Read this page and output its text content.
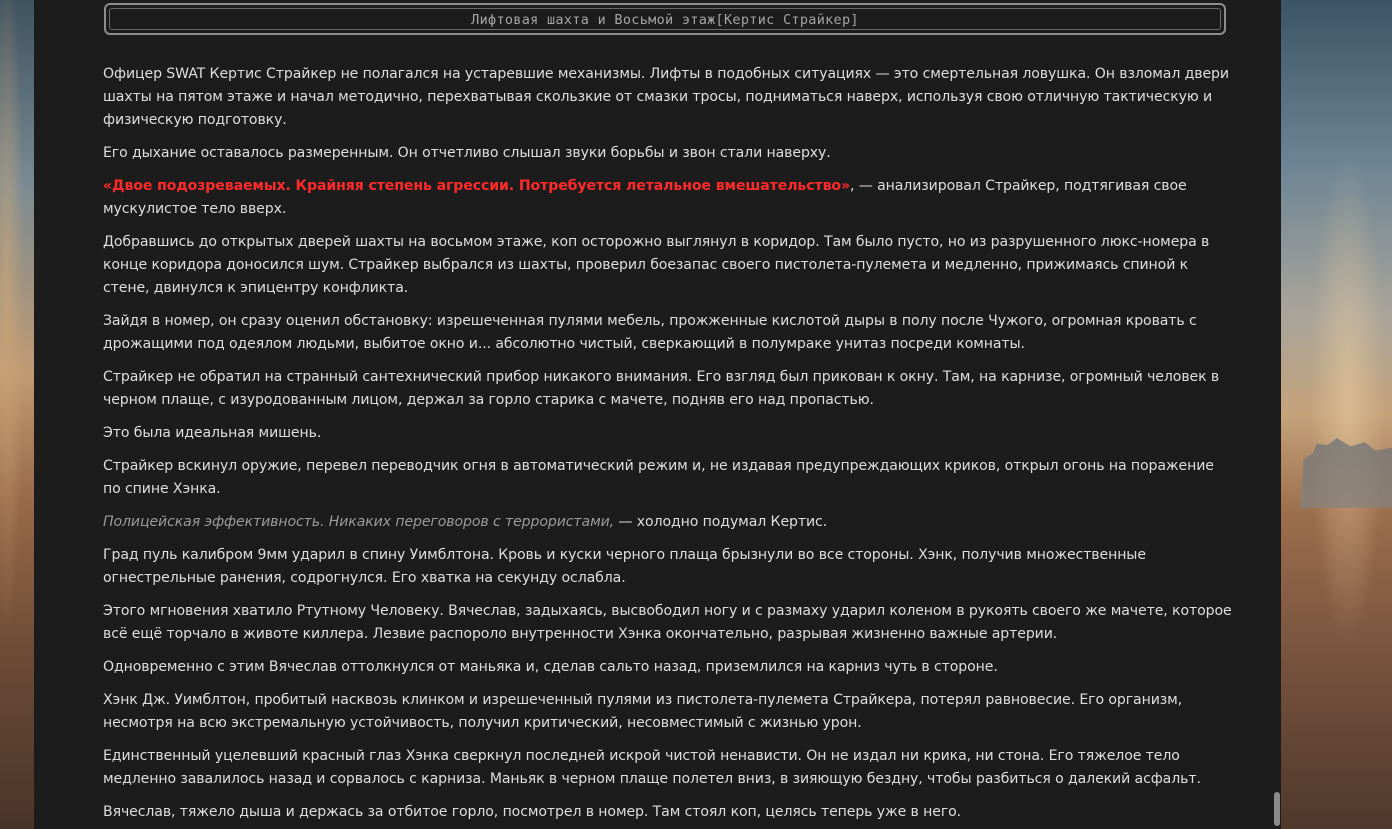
Лифтовая шахта и Восьмой этаж[Кертис Страйкер]

Офицер SWAT Кертис Страйкер не полагался на устаревшие механизмы. Лифты в подобных ситуациях — это смертельная ловушка. Он взломал двери шахты на пятом этаже и начал методично, перехватывая скользкие от смазки тросы, подниматься наверх, используя свою отличную тактическую и физическую подготовку.

Его дыхание оставалось размеренным. Он отчетливо слышал звуки борьбы и звон стали наверху.

«Двое подозреваемых. Крайняя степень агрессии. Потребуется летальное вмешательство», — анализировал Страйкер, подтягивая свое мускулистое тело вверх.

Добравшись до открытых дверей шахты на восьмом этаже, коп осторожно выглянул в коридор. Там было пусто, но из разрушенного люкс-номера в конце коридора доносился шум. Страйкер выбрался из шахты, проверил боезапас своего пистолета-пулемета и медленно, прижимаясь спиной к стене, двинулся к эпицентру конфликта.

Зайдя в номер, он сразу оценил обстановку: изрешеченная пулями мебель, прожженные кислотой дыры в полу после Чужого, огромная кровать с дрожащими под одеялом людьми, выбитое окно и... абсолютно чистый, сверкающий в полумраке унитаз посреди комнаты.

Страйкер не обратил на странный сантехнический прибор никакого внимания. Его взгляд был прикован к окну. Там, на карнизе, огромный человек в черном плаще, с изуродованным лицом, держал за горло старика с мачете, подняв его над пропастью.

Это была идеальная мишень.

Страйкер вскинул оружие, перевел переводчик огня в автоматический режим и, не издавая предупреждающих криков, открыл огонь на поражение по спине Хэнка.

Полицейская эффективность. Никаких переговоров с террористами, — холодно подумал Кертис.

Град пуль калибром 9мм ударил в спину Уимблтона. Кровь и куски черного плаща брызнули во все стороны. Хэнк, получив множественные огнестрельные ранения, содрогнулся. Его хватка на секунду ослабла.

Этого мгновения хватило Ртутному Человеку. Вячеслав, задыхаясь, высвободил ногу и с размаху ударил коленом в рукоять своего же мачете, которое всё ещё торчало в животе киллера. Лезвие распороло внутренности Хэнка окончательно, разрывая жизненно важные артерии.

Одновременно с этим Вячеслав оттолкнулся от маньяка и, сделав сальто назад, приземлился на карниз чуть в стороне.

Хэнк Дж. Уимблтон, пробитый насквозь клинком и изрешеченный пулями из пистолета-пулемета Страйкера, потерял равновесие. Его организм, несмотря на всю экстремальную устойчивость, получил критический, несовместимый с жизнью урон.

Единственный уцелевший красный глаз Хэнка сверкнул последней искрой чистой ненависти. Он не издал ни крика, ни стона. Его тяжелое тело медленно завалилось назад и сорвалось с карниза. Маньяк в черном плаще полетел вниз, в зияющую бездну, чтобы разбиться о далекий асфальт.

Вячеслав, тяжело дыша и держась за отбитое горло, посмотрел в номер. Там стоял коп, целясь теперь уже в него.
